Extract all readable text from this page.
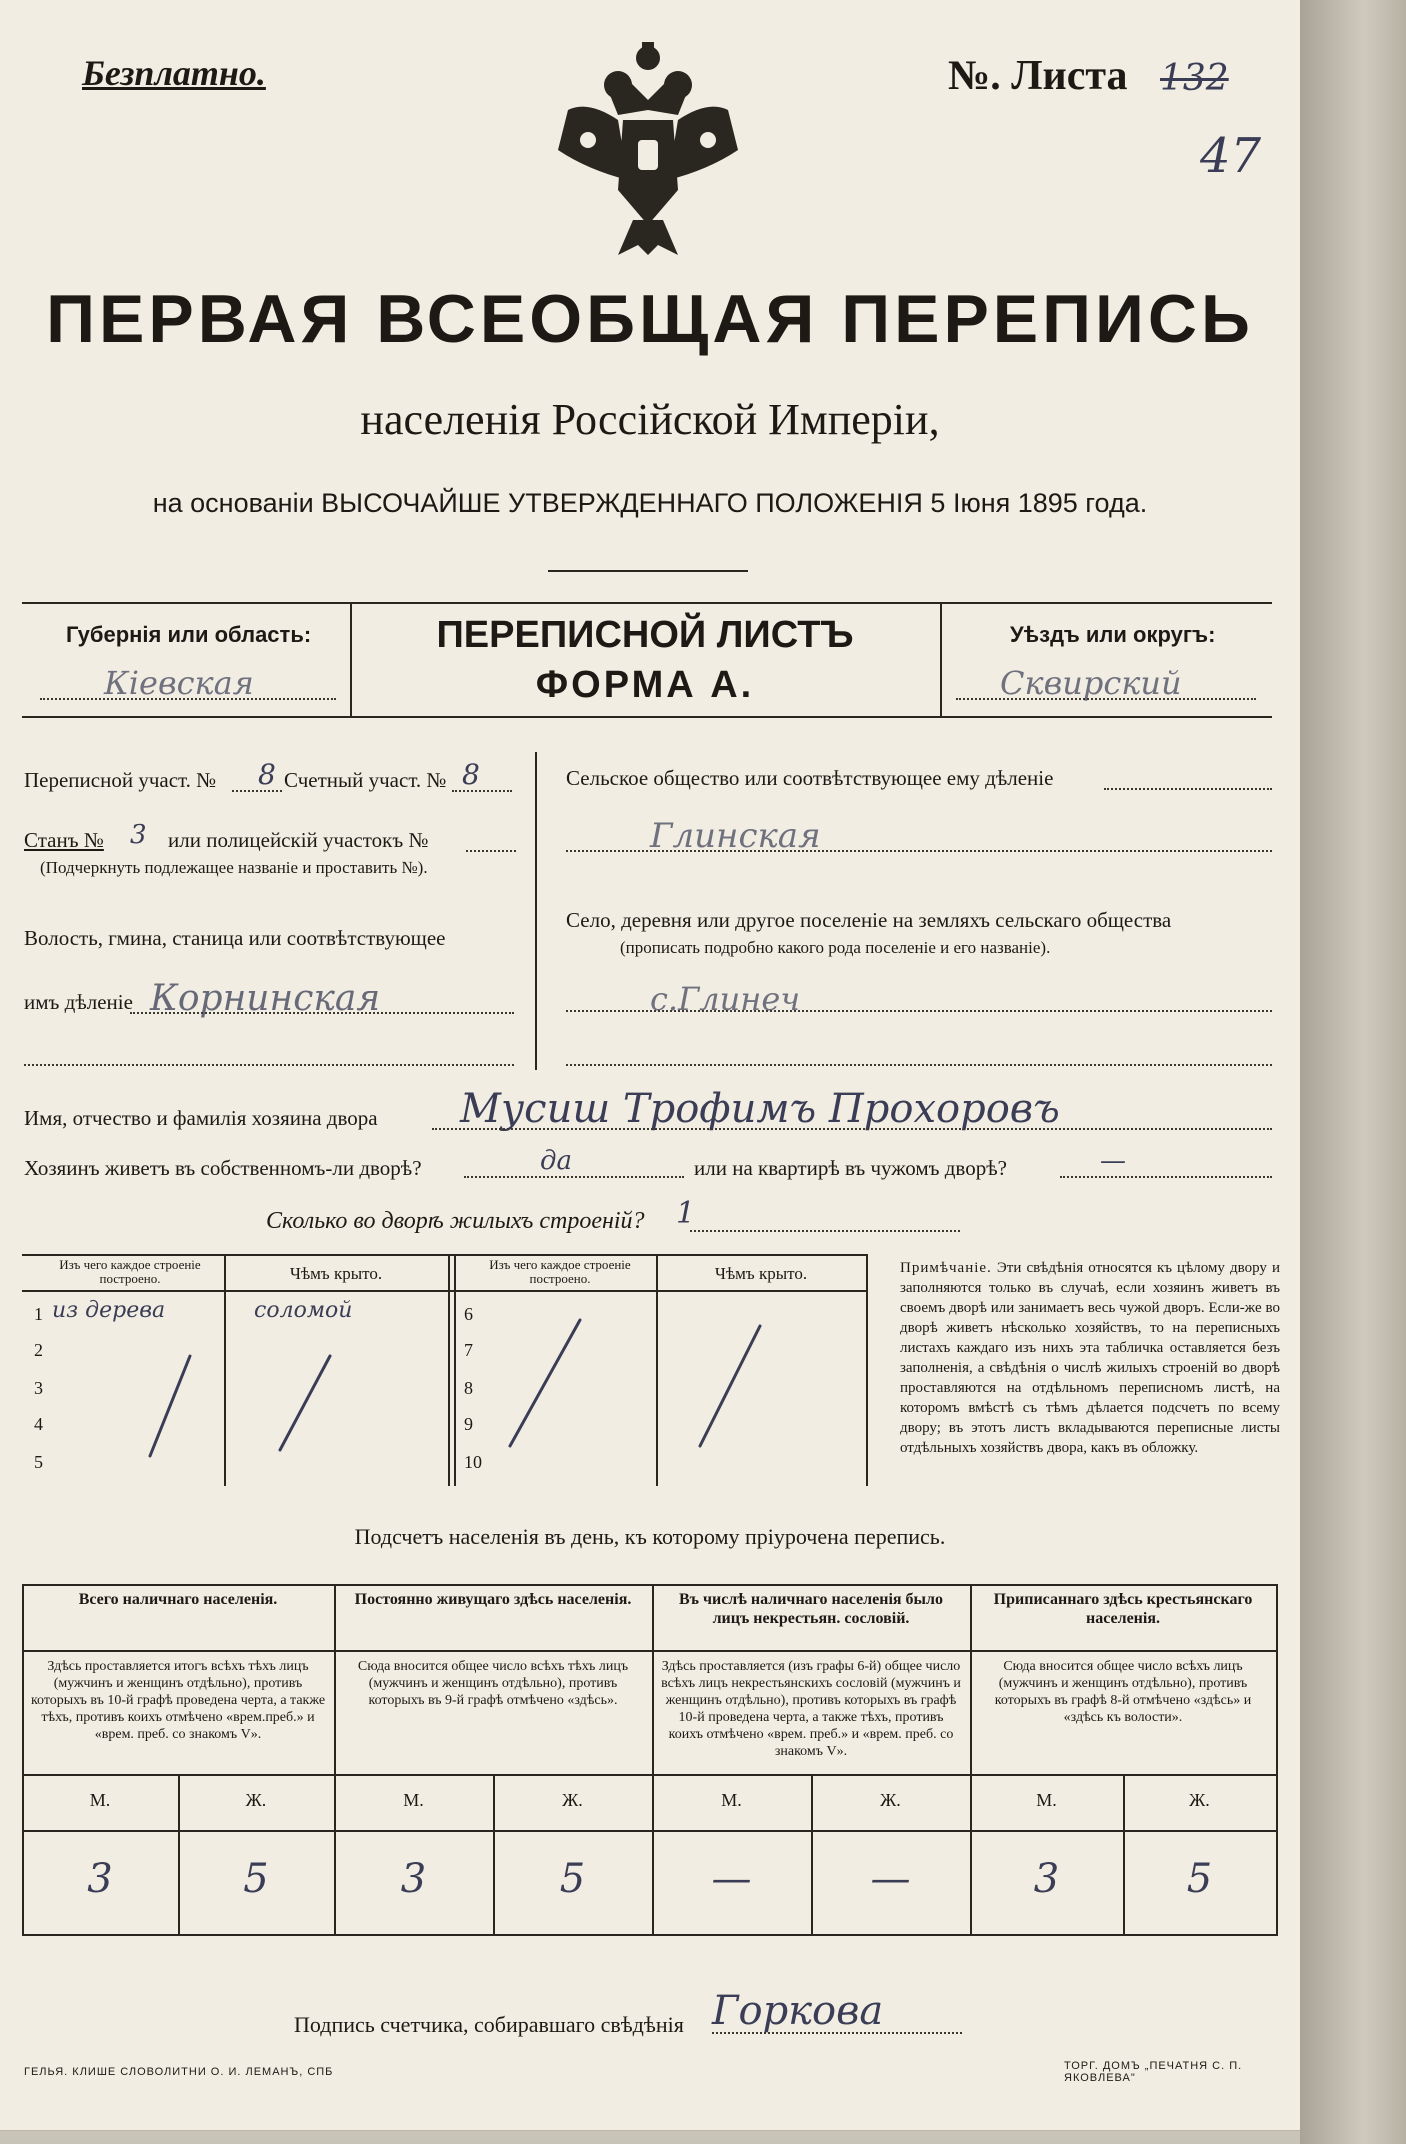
Безплатно.	№. Листа 132
47
ПЕРВАЯ ВСЕОБЩАЯ ПЕРЕПИСЬ
населенія Россійской Имперіи,
на основаніи ВЫСОЧАЙШЕ УТВЕРЖДЕННАГО ПОЛОЖЕНІЯ 5 Іюня 1895 года.
Губернія или область:
Кiевская
ПЕРЕПИСНОЙ ЛИСТЪ
ФОРМА А.
Уѣздъ или округъ:
Сквирский
Переписной участ. № 8 Счетный участ. № 8
Станъ № 3 или полицейскій участокъ №
(Подчеркнуть подлежащее названіе и проставить №).
Волость, гмина, станица или соотвѣтствующее
имъ дѣленіе Корнинская
Сельское общество или соотвѣтствующее ему дѣленіе
Глинская
Село, деревня или другое поселеніе на земляхъ сельскаго общества
(прописать подробно какого рода поселеніе и его названіе).
с.Глинеч
Имя, отчество и фамилія хозяина двора Мусиш Трофимъ Прохоровъ
Хозяинъ живетъ въ собственномъ-ли дворѣ?	да	или на квартирѣ въ чужомъ дворѣ?	—
Сколько во дворѣ жилыхъ строеній? 1
Изъ чего каждое строеніе построено.	Чѣмъ крыто.	Изъ чего каждое строеніе построено.	Чѣмъ крыто.
1 из дерева	соломой
2
3
4
5
6
7
8
9
10
Примѣчаніе. Эти свѣдѣнія относятся къ цѣлому двору и заполняются только въ случаѣ, если хозяинъ живетъ въ своемъ дворѣ или занимаетъ весь чужой дворъ. Если-же во дворѣ живетъ нѣсколько хозяйствъ, то на переписныхъ листахъ каждаго изъ нихъ эта табличка оставляется безъ заполненія, а свѣдѣнія о числѣ жилыхъ строеній во дворѣ проставляются на отдѣльномъ переписномъ листѣ, на которомъ вмѣстѣ съ тѣмъ дѣлается подсчетъ по всему двору; въ этотъ листъ вкладываются переписные листы отдѣльныхъ хозяйствъ двора, какъ въ обложку.
Подсчетъ населенія въ день, къ которому пріурочена перепись.
Всего наличнаго населенія.
Здѣсь проставляется итогъ всѣхъ тѣхъ лицъ (мужчинъ и женщинъ отдѣльно), противъ которыхъ въ 10-й графѣ проведена черта, а также тѣхъ, противъ коихъ отмѣчено «врем.преб.» и «врем. преб. со знакомъ V».
М.	Ж.
3	5
Постоянно живущаго здѣсь населенія.
Сюда вносится общее число всѣхъ тѣхъ лицъ (мужчинъ и женщинъ отдѣльно), противъ которыхъ въ 9-й графѣ отмѣчено «здѣсь».
М.	Ж.
3	5
Въ числѣ наличнаго населенія было лицъ некрестьян. сословій.
Здѣсь проставляется (изъ графы 6-й) общее число всѣхъ лицъ некрестьянскихъ сословій (мужчинъ и женщинъ отдѣльно), противъ которыхъ въ графѣ 10-й проведена черта, а также тѣхъ, противъ коихъ отмѣчено «врем. преб.» и «врем. преб. со знакомъ V».
М.	Ж.
—	—
Приписаннаго здѣсь крестьянскаго населенія.
Сюда вносится общее число всѣхъ лицъ (мужчинъ и женщинъ отдѣльно), противъ которыхъ въ графѣ 8-й отмѣчено «здѣсь» и «здѣсь къ волости».
М.	Ж.
3	5
Подпись счетчика, собиравшаго свѣдѣнія Горкова
ГЕЛЬЯ. КЛИШЕ СЛОВОЛИТНИ О. И. ЛЕМАНЪ, СПБ	ТОРГ. ДОМЪ „ПЕЧАТНЯ С. П. ЯКОВЛЕВА"
